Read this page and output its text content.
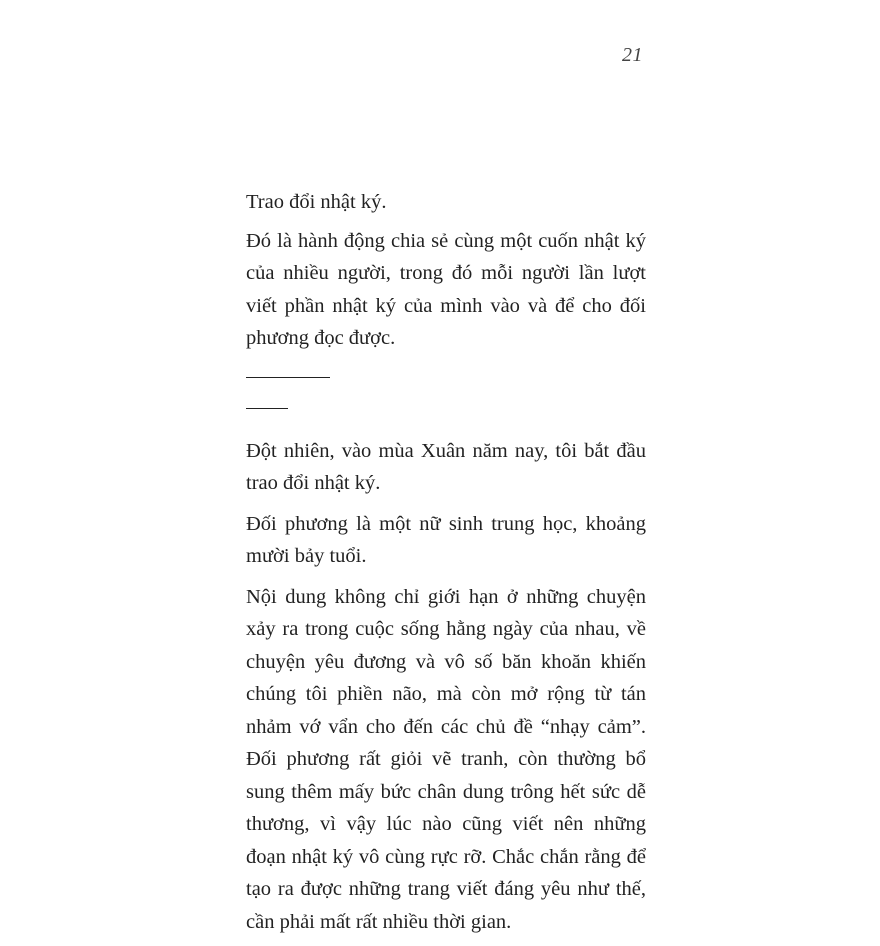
21

Trao đổi nhật ký.

Đó là hành động chia sẻ cùng một cuốn nhật ký của nhiều người, trong đó mỗi người lần lượt viết phần nhật ký của mình vào và để cho đối phương đọc được.

Đột nhiên, vào mùa Xuân năm nay, tôi bắt đầu trao đổi nhật ký.

Đối phương là một nữ sinh trung học, khoảng mười bảy tuổi.

Nội dung không chỉ giới hạn ở những chuyện xảy ra trong cuộc sống hằng ngày của nhau, về chuyện yêu đương và vô số băn khoăn khiến chúng tôi phiền não, mà còn mở rộng từ tán nhảm vớ vẩn cho đến các chủ đề “nhạy cảm”. Đối phương rất giỏi vẽ tranh, còn thường bổ sung thêm mấy bức chân dung trông hết sức dễ thương, vì vậy lúc nào cũng viết nên những đoạn nhật ký vô cùng rực rỡ. Chắc chắn rằng để tạo ra được những trang viết đáng yêu như thế, cần phải mất rất nhiều thời gian.
